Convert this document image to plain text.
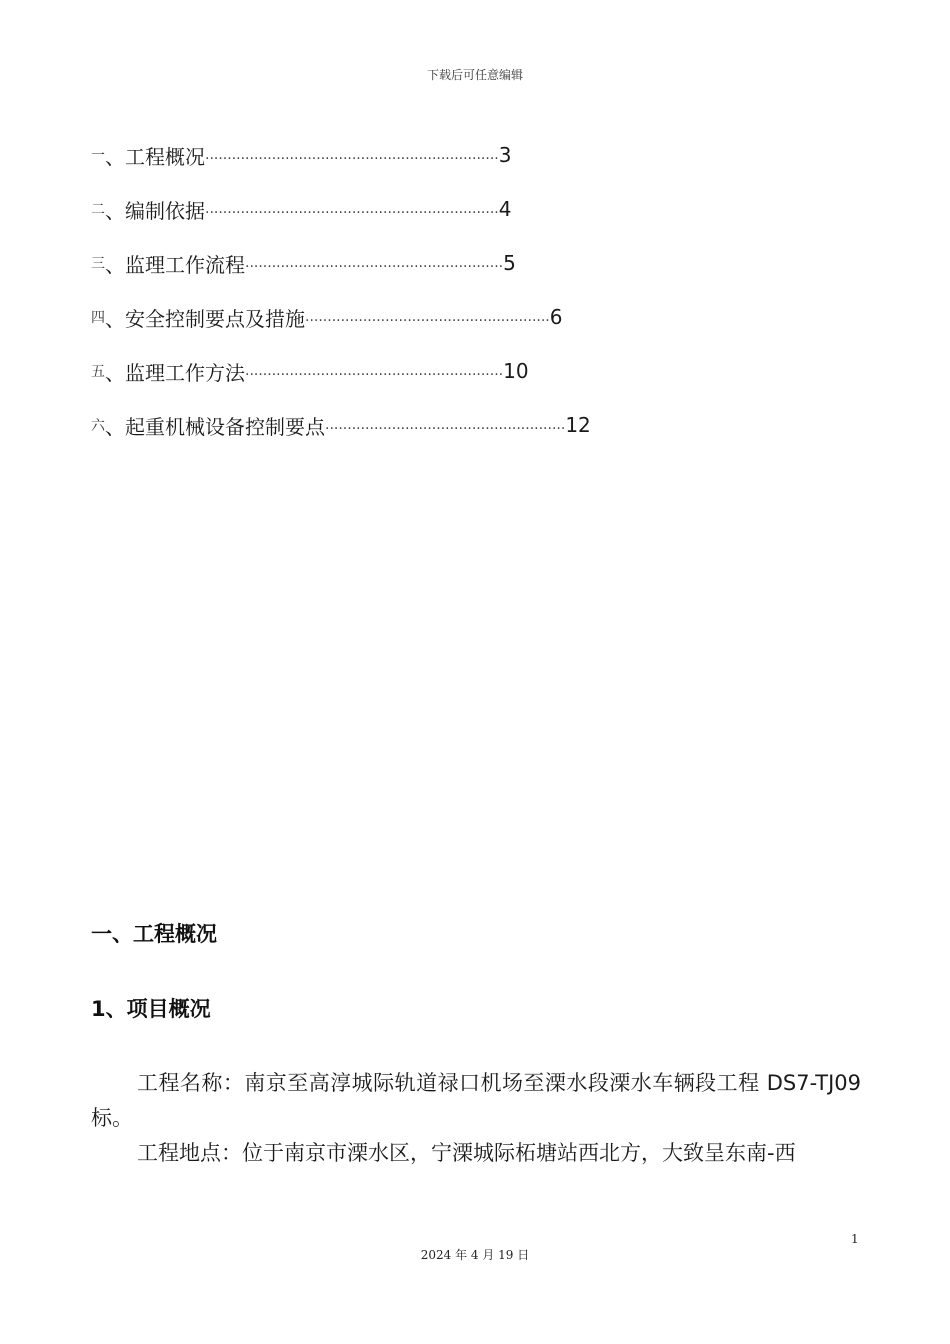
下载后可任意编辑
一 、 工程概况 .................................................................. 3
二 、 编制依据 .................................................................. 4
三 、 监理工作流程 .......................................................... 5
四 、 安全控制要点及措施 ....................................................... 6
五 、 监理工作方法 .......................................................... 10
六 、 起重机械设备控制要点 ...................................................... 12
一、工程概况
1、项目概况

工程名称：南京至高淳城际轨道禄口机场至溧水段溧水车辆段工程 DS7-TJ09 标。

工程地点：位于南京市溧水区，宁溧城际柘塘站西北方，大致呈东南-西

1
2024 年 4 月 19 日
